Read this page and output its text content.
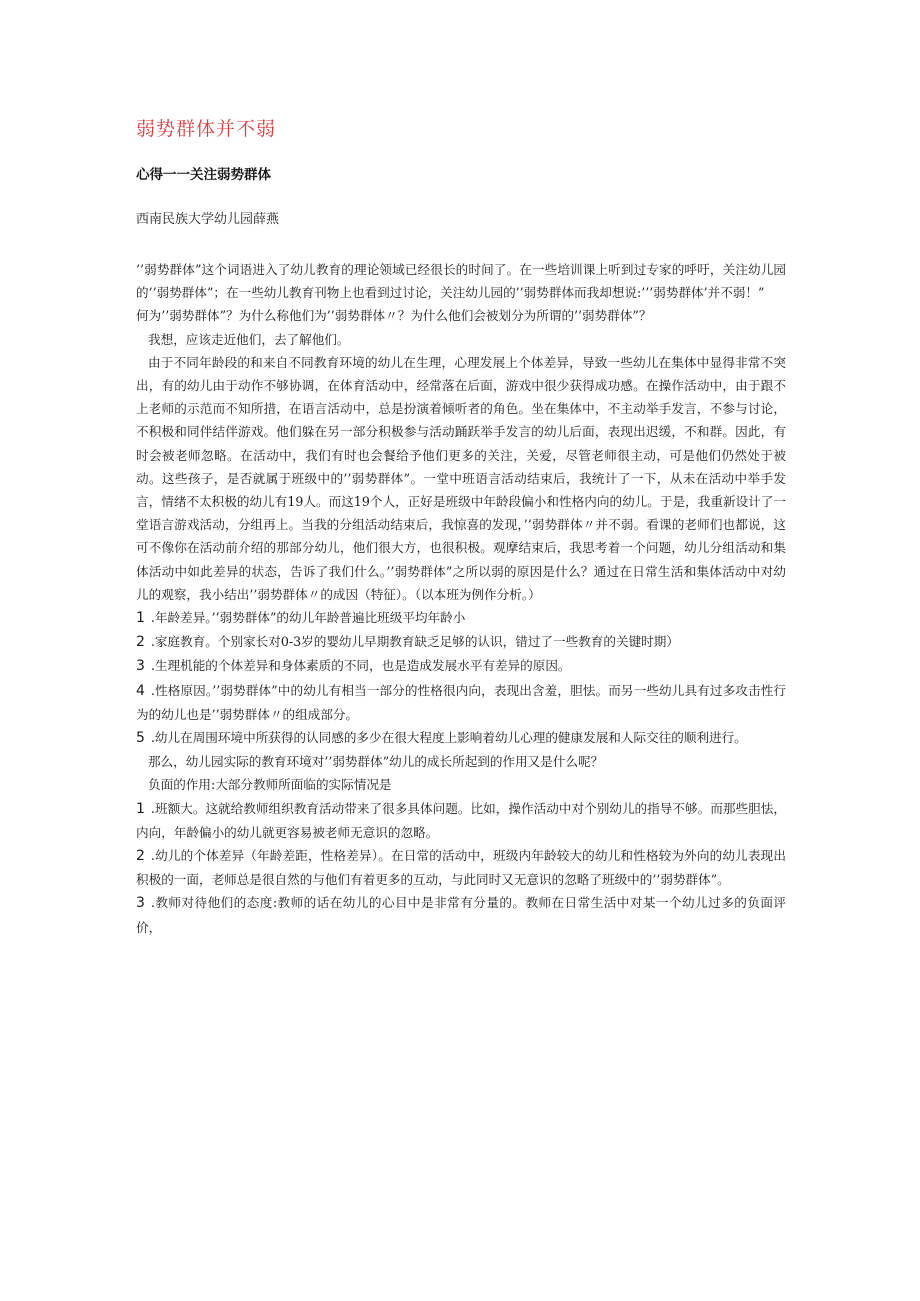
弱势群体并不弱
心得一一关注弱势群体
西南民族大学幼儿园薛燕

’’弱势群体”这个词语进入了幼儿教育的理论领域已经很长的时间了。在一些培训课上听到过专家的呼吁，关注幼儿园的’’弱势群体”；在一些幼儿教育刊物上也看到过讨论，关注幼儿园的’’弱势群体而我却想说:’’’弱势群体’并不弱！”

何为’’弱势群体”？为什么称他们为’’弱势群体〃？为什么他们会被划分为所谓的’’弱势群体”？

我想，应该走近他们，去了解他们。

由于不同年龄段的和来自不同教育环境的幼儿在生理，心理发展上个体差异，导致一些幼儿在集体中显得非常不突出，有的幼儿由于动作不够协调，在体育活动中，经常落在后面，游戏中很少获得成功感。在操作活动中，由于跟不上老师的示范而不知所措，在语言活动中，总是扮演着倾听者的角色。坐在集体中，不主动举手发言，不参与讨论，不积极和同伴结伴游戏。他们躲在另一部分积极参与活动踊跃举手发言的幼儿后面，表现出迟缓，不和群。因此，有时会被老师忽略。在活动中，我们有时也会餐给予他们更多的关注，关爱，尽管老师很主动，可是他们仍然处于被动。这些孩子，是否就属于班级中的’’弱势群体”。一堂中班语言活动结束后，我统计了一下，从未在活动中举手发言，情绪不太积极的幼儿有19人。而这19个人，正好是班级中年龄段偏小和性格内向的幼儿。于是，我重新设计了一堂语言游戏活动，分组再上。当我的分组活动结束后，我惊喜的发现，’’弱势群体〃并不弱。看课的老师们也都说，这可不像你在活动前介绍的那部分幼儿，他们很大方，也很积极。观摩结束后，我思考着一个问题，幼儿分组活动和集体活动中如此差异的状态，告诉了我们什么。’’弱势群体”之所以弱的原因是什么？通过在日常生活和集体活动中对幼儿的观察，我小结出’’弱势群体〃的成因（特征）。（以本班为例作分析。）

1 .年龄差异。’’弱势群体”的幼儿年龄普遍比班级平均年龄小

2 .家庭教育。个别家长对0-3岁的婴幼儿早期教育缺乏足够的认识，错过了一些教育的关键时期）

3 .生理机能的个体差异和身体素质的不同，也是造成发展水平有差异的原因。

4 .性格原因。’’弱势群体”中的幼儿有相当一部分的性格很内向，表现出含羞，胆怯。而另一些幼儿具有过多攻击性行为的幼儿也是’’弱势群体〃的组成部分。

5 .幼儿在周围环境中所获得的认同感的多少在很大程度上影响着幼儿心理的健康发展和人际交往的顺利进行。

那么，幼儿园实际的教育环境对’’弱势群体”幼儿的成长所起到的作用又是什么呢？

负面的作用:大部分教师所面临的实际情况是

1 .班额大。这就给教师组织教育活动带来了很多具体问题。比如，操作活动中对个别幼儿的指导不够。而那些胆怯，内向，年龄偏小的幼儿就更容易被老师无意识的忽略。

2 .幼儿的个体差异（年龄差距，性格差异）。在日常的活动中，班级内年龄较大的幼儿和性格较为外向的幼儿表现出积极的一面，老师总是很自然的与他们有着更多的互动，与此同时又无意识的忽略了班级中的’’弱势群体”。

3 .教师对待他们的态度:教师的话在幼儿的心目中是非常有分量的。教师在日常生活中对某一个幼儿过多的负面评价，
